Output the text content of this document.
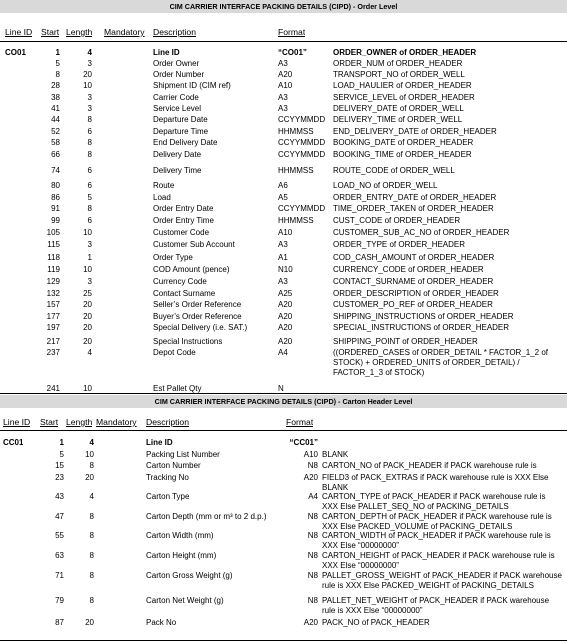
CIM CARRIER INTERFACE PACKING DETAILS (CIPD) - Order Level
Line ID Start Length Mandatory Description	Format
CO01	1	4	Line ID	“CO01”	ORDER_OWNER of ORDER_HEADER
5	3	Order Owner	A3	ORDER_NUM of ORDER_HEADER
8	20	Order Number	A20	TRANSPORT_NO of ORDER_WELL
28	10	Shipment ID (CIM ref)	A10	LOAD_HAULIER of ORDER_HEADER
38	3	Carrier Code	A3	SERVICE_LEVEL of ORDER_HEADER
41	3	Service Level	A3	DELIVERY_DATE of ORDER_WELL
44	8	Departure Date	CCYYMMDD DELIVERY_TIME of ORDER_WELL
52	6	Departure Time	HHMMSS	END_DELIVERY_DATE of ORDER_HEADER
58	8	End Delivery Date	CCYYMMDD BOOKING_DATE of ORDER_HEADER
66	8	Delivery Date	CCYYMMDD BOOKING_TIME of ORDER_HEADER
74	6	Delivery Time	HHMMSS	ROUTE_CODE of ORDER_WELL
80	6	Route	A6	LOAD_NO of ORDER_WELL
86	5	Load	A5	ORDER_ENTRY_DATE of ORDER_HEADER
91	8	Order Entry Date	CCYYMMDD TIME_ORDER_TAKEN of ORDER_HEADER
99	6	Order Entry Time	HHMMSS	CUST_CODE of ORDER_HEADER
105	10	Customer Code	A10	CUSTOMER_SUB_AC_NO of ORDER_HEADER
115	3	Customer Sub Account	A3	ORDER_TYPE of ORDER_HEADER
118	1	Order Type	A1	COD_CASH_AMOUNT of ORDER_HEADER
119	10	COD Amount (pence)	N10	CURRENCY_CODE of ORDER_HEADER
129	3	Currency Code	A3	CONTACT_SURNAME of ORDER_HEADER
132	25	Contact Surname	A25	ORDER_DESCRIPTION of ORDER_HEADER
157	20	Seller’s Order Reference	A20	CUSTOMER_PO_REF of ORDER_HEADER
177	20	Buyer’s Order Reference	A20	SHIPPING_INSTRUCTIONS of ORDER_HEADER
197	20	Special Delivery (i.e. SAT.)	A20	SPECIAL_INSTRUCTIONS of ORDER_HEADER
217	20	Special Instructions	A20	SHIPPING_POINT of ORDER_HEADER
237	4	Depot Code	A4	((ORDERED_CASES of ORDER_DETAIL * FACTOR_1_2 of STOCK) + ORDERED_UNITS of ORDER_DETAIL) / FACTOR_1_3 of STOCK)
241	10	Est Pallet Qty	N
CIM CARRIER INTERFACE PACKING DETAILS (CIPD) - Carton Header Level
Line ID Start Length Mandatory Description	Format
CC01	1	4	Line ID	“CC01”
5	10	Packing List Number	A10 BLANK
15	8	Carton Number	N8 CARTON_NO of PACK_HEADER if PACK warehouse rule is
23	20	Tracking No	A20 FIELD3 of PACK_EXTRAS if PACK warehouse rule is XXX Else BLANK
43	4	Carton Type	A4 CARTON_TYPE of PACK_HEADER if PACK warehouse rule is XXX Else PALLET_SEQ_NO of PACKING_DETAILS
47	8	Carton Depth (mm or m³ to 2 d.p.)	N8 CARTON_DEPTH of PACK_HEADER if PACK warehouse rule is XXX Else PACKED_VOLUME of PACKING_DETAILS
55	8	Carton Width (mm)	N8 CARTON_WIDTH of PACK_HEADER if PACK warehouse rule is XXX Else “00000000”
63	8	Carton Height (mm)	N8 CARTON_HEIGHT of PACK_HEADER if PACK warehouse rule is XXX Else “00000000”
71	8	Carton Gross Weight (g)	N8 PALLET_GROSS_WEIGHT of PACK_HEADER if PACK warehouse rule is XXX Else PACKED_WEIGHT of PACKING_DETAILS
79	8	Carton Net Weight (g)	N8 PALLET_NET_WEIGHT of PACK_HEADER if PACK warehouse rule is XXX Else “00000000”
87	20	Pack No	A20 PACK_NO of PACK_HEADER
